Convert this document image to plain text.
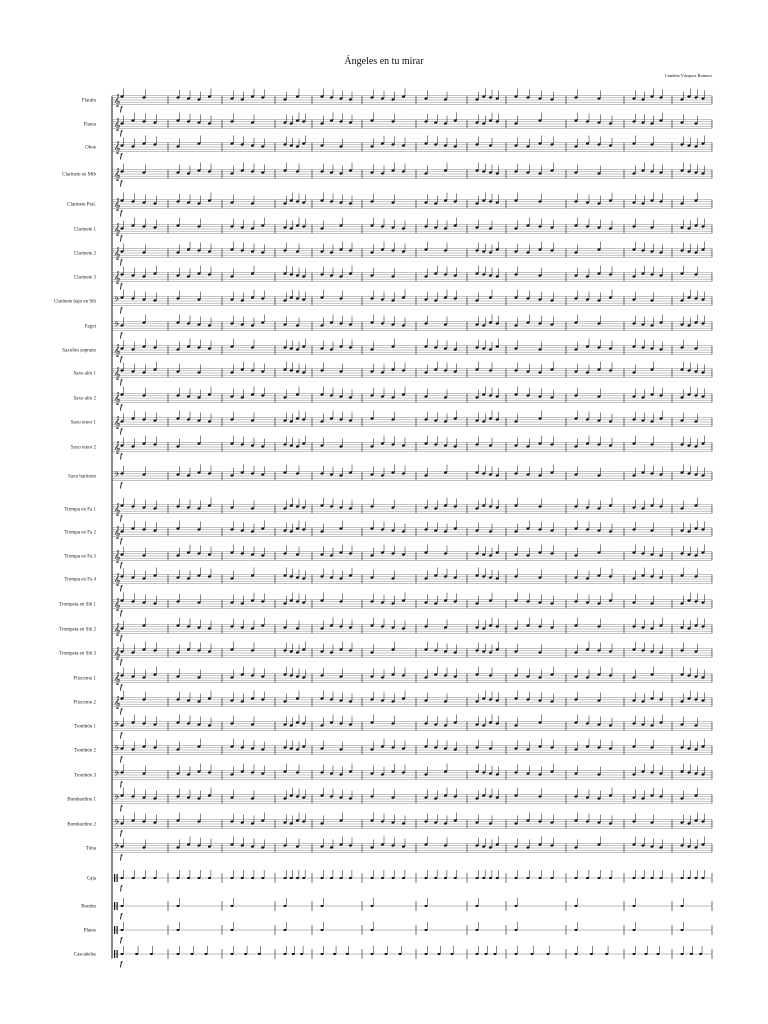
Ángeles en tu mirar
Candela Vázquez Romero
Flautín 𝄞
f
Flauta 𝄞
f
Oboe 𝄞
f
Clarinete en Mib 𝄞
f
Clarinete Pral. 𝄞
f
Clarinete 1 𝄞
f
Clarinete 2 𝄞
f
Clarinete 3 𝄞
f
Clarinete bajo en Sib 𝄢
f
Fagot 𝄢
f
Saxofón soprano 𝄞
f
Saxo alto 1 𝄞
f
Saxo alto 2 𝄞
f
Saxo tenor 1 𝄞
f
Saxo tenor 2 𝄞
f
Saxo barítono 𝄢
f
Trompa en Fa 1 𝄞
f
Trompa en Fa 2 𝄞
f
Trompa en Fa 3 𝄞
f
Trompa en Fa 4 𝄞
f
Trompeta en Sib 1 𝄞
f
Trompeta en Sib 2 𝄞
f
Trompeta en Sib 3 𝄞
f
Fliscorno 1 𝄞
f
Fliscorno 2 𝄞
f
Trombón 1 𝄢
f
Trombón 2 𝄢
f
Trombón 3 𝄢
f
Bombardino 1 𝄢
f
Bombardino 2 𝄢
f
Tuba 𝄢
f
Caja
f
Bombo
f
Platos
f
Cascabeles
f
